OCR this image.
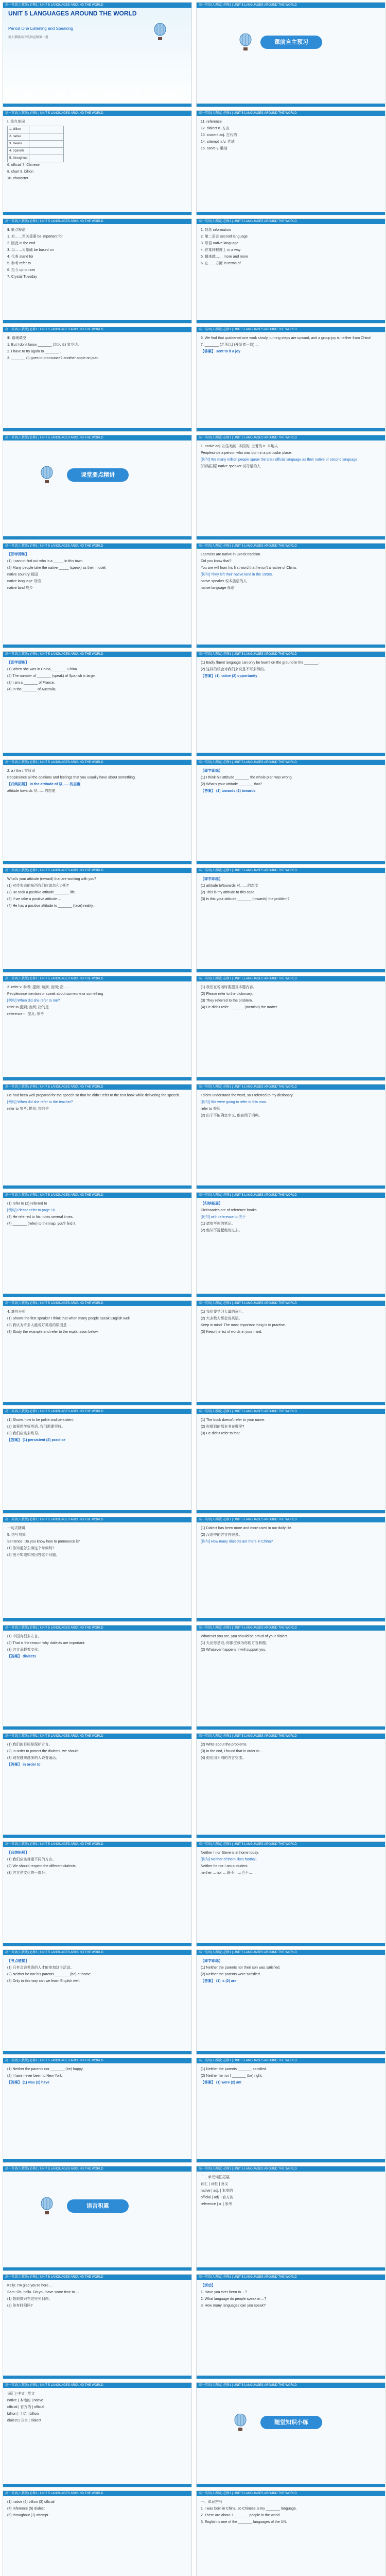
高一英语(人教版) 必修1 | UNIT 5 LANGUAGES AROUND THE WORLD
UNIT 5 LANGUAGES AROUND THE WORLD
Period One Listening and Speaking
新人教版高中英语必修第一册
高一英语(人教版) 必修1 | UNIT 5 LANGUAGES AROUND THE WORLD
课前自主预习
高一英语(人教版) 必修1 | UNIT 5 LANGUAGES AROUND THE WORLD
Ⅰ. 重点单词
1. billion	
2. native	
3. means	
4. Spanish	
5. throughout	
6. official 7. Chinese
8. chart 9. billion
10. character
高一英语(人教版) 必修1 | UNIT 5 LANGUAGES AROUND THE WORLD
11. reference
12. dialect n. 方言
13. ancient adj. 古代的
14. attempt n./v. 尝试
15. carve v. 雕刻
高一英语(人教版) 必修1 | UNIT 5 LANGUAGES AROUND THE WORLD
Ⅱ. 重点短语
1. 对……至关重要 be important for
2. 因此 in the end
3. 以……为基础 be based on
4. 代表 stand for
5. 参考 refer to
6. 至今 up to now
7. Crystal Tuesday
高一英语(人教版) 必修1 | UNIT 5 LANGUAGES AROUND THE WORLD
1. 信息 information
2. 第二语言 second language
3. 母语 native language
4. 在某种程度上 in a way
5. 越来越…… more and more
6. 在……方面 in terms of
高一英语(人教版) 必修1 | UNIT 5 LANGUAGES AROUND THE WORLD
Ⅲ. 语境填空
1. But I don't know _______ (怎么说) 家乡话.
2. I have to try again to _______ .
3. _______ (I) goes to pronounce? another apple on plan.
高一英语(人教版) 必修1 | UNIT 5 LANGUAGES AROUND THE WORLD
6. We find that quickened one work slowly, turning steps are upward, and a group joy is neither from China!
7. _______ (之所以) (开发者一致) ...
【答案】 sent to it a joy
高一英语(人教版) 必修1 | UNIT 5 LANGUAGES AROUND THE WORLD
课堂要点精讲
高一英语(人教版) 必修1 | UNIT 5 LANGUAGES AROUND THE WORLD
1. native adj. 出生地的; 本国的; 土著的 n. 本地人
Peoplesince a person who was born in a particular place.
[例句] We many million people speak the US's official language as their native or second language.
[归纳拓展] native speaker 说母语的人
高一英语(人教版) 必修1 | UNIT 5 LANGUAGES AROUND THE WORLD
【即学即练】
(1) I cannot find out who is a _____ in this town.
(2) Many people take the native _____ (speak) as their model.
native country 祖国
native language 母语
native land 故乡
高一英语(人教版) 必修1 | UNIT 5 LANGUAGES AROUND THE WORLD
Learners are native in Greek tradition.
Did you know that?
You are will from his first word that he isn't a native of China.
[例句] They left their native land in the 1950s.
native speaker 说本族语的人
native language 母语
高一英语(人教版) 必修1 | UNIT 5 LANGUAGES AROUND THE WORLD
【即学即练】
(1) When she was in China, _______ China.
(2) The number of _______ (speak) of Spanish is large.
(3) I am a _______ of France.
(4) In the _______ of Australia.
高一英语(人教版) 必修1 | UNIT 5 LANGUAGES AROUND THE WORLD
(1) Badly fluent language can only be learnt on the ground in the _______ .
(2) 这样的机会对我们来说是不可多得的。
【答案】(1) native (2) opportunity
高一英语(人教版) 必修1 | UNIT 5 LANGUAGES AROUND THE WORLD
2. a / the / 零冠词
Peoplesince all the opinions and feelings that you usually have about something.
【归纳拓展】 in the attitude of 以……的态度
attitude towards 对……的态度
高一英语(人教版) 必修1 | UNIT 5 LANGUAGES AROUND THE WORLD
【即学即练】
(1) I think his attitude _______ the whole plan was wrong.
(2) What's your attitude _______ that?
【答案】 (1) towards (2) towards
高一英语(人教版) 必修1 | UNIT 5 LANGUAGES AROUND THE WORLD
What's your attitude (reward) that are working with you?
(1) 对待失去的东西我们应该怎么办呢?
(2) He took a positive attitude _______ life.
(3) If we take a positive attitude ...
(4) He has a positive attitude to _______ (face) reality.
高一英语(人教版) 必修1 | UNIT 5 LANGUAGES AROUND THE WORLD
【即学即练】
(1) attitude to/towards 对……的态度
(2) This is my attitude to this case.
(3) Is this your attitude _______ (towards) the problem?
高一英语(人教版) 必修1 | UNIT 5 LANGUAGES AROUND THE WORLD
3. refer v. 参考; 提到; 谈到; 查阅; 指……
Peoplesince mention or speak about someone or something
[例句] When did she refer to me?
refer to 提到; 查阅; 指的是
reference n. 提及; 参考
高一英语(人教版) 必修1 | UNIT 5 LANGUAGES AROUND THE WORLD
(1) 我们在说话时要提及本题内容。
(2) Please refer to the dictionary.
(3) They referred to the problem.
(4) He didn't refer _______ (mention) the matter.
高一英语(人教版) 必修1 | UNIT 5 LANGUAGES AROUND THE WORLD
He had been well prepared for the speech so that he didn't refer to the text book while delivering the speech.
[例句] When did she refer to the teacher?
refer to 参考; 提到; 指的是
高一英语(人教版) 必修1 | UNIT 5 LANGUAGES AROUND THE WORLD
I didn't understand the word, so I referred to my dictionary.
[例句] We were going to refer to this man.
refer to 查阅
(2) 由于不能确定字义, 他查阅了词典。
高一英语(人教版) 必修1 | UNIT 5 LANGUAGES AROUND THE WORLD
(1) refer to (2) referred to
[例句] Please refer to page 10.
(3) He referred to his notes several times.
(4) _______ (refer) to the map, you'll find it.
高一英语(人教版) 必修1 | UNIT 5 LANGUAGES AROUND THE WORLD
【归纳拓展】
Dictionaries are of reference books.
[例句] with reference to 关于
(1) 请参考你的笔记。
(2) 他从不提起他的过去。
高一英语(人教版) 必修1 | UNIT 5 LANGUAGES AROUND THE WORLD
4. 难句分析
(1) Shows the first speaker I think that when many people speak English well ...
(2) 我认为许多人能说好英语的原因是 ...
(3) Study the example and refer to the explanation below.
高一英语(人教版) 必修1 | UNIT 5 LANGUAGES AROUND THE WORLD
(1) 我们要学习大量的词汇。
(2) 大多数人都会说英语。
Keep in mind: The most important thing is to practise.
(3) Keep the list of words in your mind.
高一英语(人教版) 必修1 | UNIT 5 LANGUAGES AROUND THE WORLD
(1) Shows how to be polite and persistent.
(2) 如果想学好英语, 我们需要坚持。
(3) 我们应该多练习。
【答案】 (1) persistent (2) practise
高一英语(人教版) 必修1 | UNIT 5 LANGUAGES AROUND THE WORLD
(1) The book doesn't refer to your name.
(2) 你提到的那本书在哪里?
(3) He didn't refer to that.
高一英语(人教版) 必修1 | UNIT 5 LANGUAGES AROUND THE WORLD
一句式精讲
5. 仿写句式
Sentence: Do you know how to pronounce it?
(1) 你知道怎么读这个单词吗?
(2) 他不知道如何回答这个问题。
高一英语(人教版) 必修1 | UNIT 5 LANGUAGES AROUND THE WORLD
(1) Dialect has been more and more used in our daily life.
(2) 汉语中的方言有很多。
[例句] How many dialects are there in China?
高一英语(人教版) 必修1 | UNIT 5 LANGUAGES AROUND THE WORLD
(1) 中国有很多方言。
(2) That is the reason why dialects are important.
(3) 方言承载着文化。
【答案】 dialects
高一英语(人教版) 必修1 | UNIT 5 LANGUAGES AROUND THE WORLD
Whatever you are, you should be proud of your dialect.
(1) 无论你是谁, 你都应该为你的方言骄傲。
(2) Whatever happens, I will support you.
高一英语(人教版) 必修1 | UNIT 5 LANGUAGES AROUND THE WORLD
(1) 我们的目标是保护方言。
(2) In order to protect the dialects, we should ...
(3) 现在越来越多的人说普通话。
【答案】 in order to
高一英语(人教版) 必修1 | UNIT 5 LANGUAGES AROUND THE WORLD
(2) Write about the problems.
(3) In the end, I found that in order to ...
(4) 他们用不同的方言交流。
高一英语(人教版) 必修1 | UNIT 5 LANGUAGES AROUND THE WORLD
【归纳拓展】
(1) 我们应该尊重不同的方言。
(2) We should respect the different dialects.
(3) 方言是文化的一部分。
高一英语(人教版) 必修1 | UNIT 5 LANGUAGES AROUND THE WORLD
Neither I nor Steve is at home today.
[例句] Neither of them likes football.
Neither he nor I am a student.
neither ... nor ... 既不……也不……
高一英语(人教版) 必修1 | UNIT 5 LANGUAGES AROUND THE WORLD
【考点链接】
(1) 只有会说英语的人才能参加这个活动。
(2) Neither he nor his parents _______ (be) at home.
(3) Only in this way can we learn English well.
高一英语(人教版) 必修1 | UNIT 5 LANGUAGES AROUND THE WORLD
【即学即练】
(1) Neither the parents nor their son was satisfied.
(2) Neither the parents were satisfied ...
【答案】 (1) is (2) are
高一英语(人教版) 必修1 | UNIT 5 LANGUAGES AROUND THE WORLD
(1) Neither the parents nor _______ (be) happy.
(2) I have never been to New York.
【答案】 (1) was (2) have
高一英语(人教版) 必修1 | UNIT 5 LANGUAGES AROUND THE WORLD
(1) Neither the parents _______ satisfied.
(2) Neither he nor I _______ (be) right.
【答案】 (1) were (2) am
高一英语(人教版) 必修1 | UNIT 5 LANGUAGES AROUND THE WORLD
语言积累
高一英语(人教版) 必修1 | UNIT 5 LANGUAGES AROUND THE WORLD
二、单元词汇拓展
词汇 | 词性 | 意义
native | adj. | 本地的
official | adj. | 官方的
reference | n. | 参考
高一英语(人教版) 必修1 | UNIT 5 LANGUAGES AROUND THE WORLD
Kelly: I'm glad you're here ...
Sam: Oh, hello. Do you have some time to ...
(1) 我很高兴在这里见到你。
(2) 你有时间吗?
高一英语(人教版) 必修1 | UNIT 5 LANGUAGES AROUND THE WORLD
【活动】
1. Have you ever been to ...?
2. What language do people speak in ...?
3. How many languages can you speak?
高一英语(人教版) 必修1 | UNIT 5 LANGUAGES AROUND THE WORLD
词汇 | 中文 | 英文
native | 本地的 | native
official | 官方的 | official
billion | 十亿 | billion
dialect | 方言 | dialect
高一英语(人教版) 必修1 | UNIT 5 LANGUAGES AROUND THE WORLD
随堂知识小练
高一英语(人教版) 必修1 | UNIT 5 LANGUAGES AROUND THE WORLD
(1) native (2) billion (3) official
(4) reference (5) dialect
(6) throughout (7) attempt
高一英语(人教版) 必修1 | UNIT 5 LANGUAGES AROUND THE WORLD
一、单词拼写
1. I was born in China, so Chinese is my _______ language.
2. There are about 7 _______ people in the world.
3. English is one of the _______ languages of the UN.
